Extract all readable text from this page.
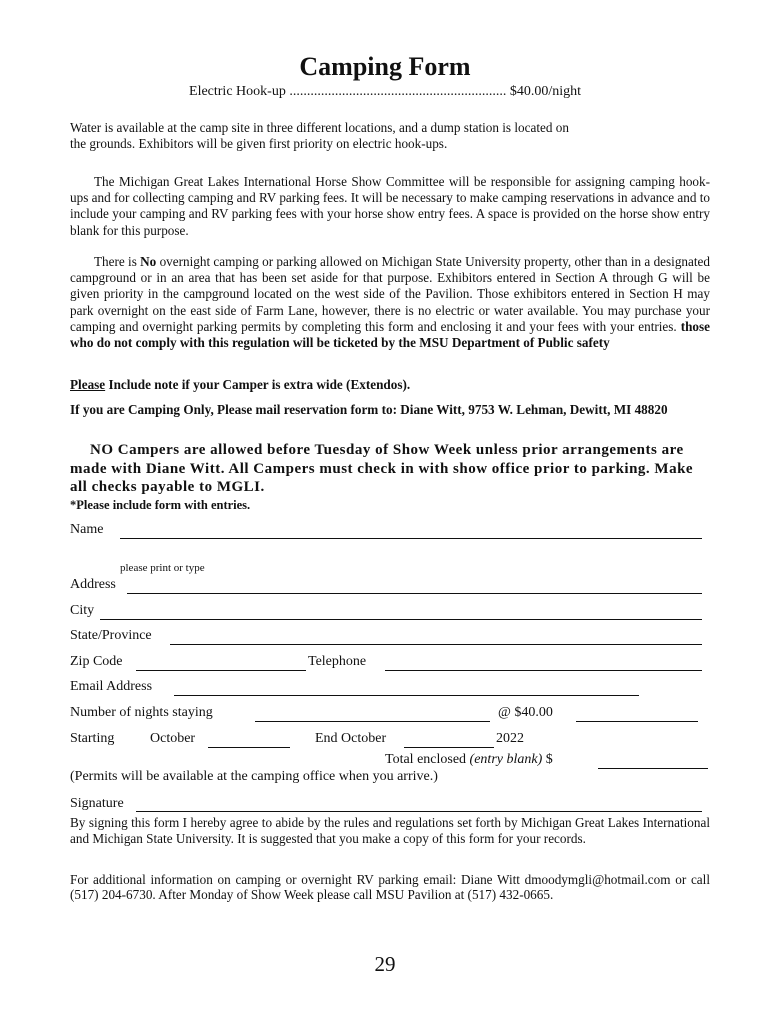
Camping Form
Electric Hook-up .............................................................. $40.00/night
Water is available at the camp site in three different locations, and a dump station is located on the grounds. Exhibitors will be given first priority on electric hook-ups.
The Michigan Great Lakes International Horse Show Committee will be responsible for assigning camping hook-ups and for collecting camping and RV parking fees. It will be necessary to make camping reservations in advance and to include your camping and RV parking fees with your horse show entry fees. A space is provided on the horse show entry blank for this purpose.
There is No overnight camping or parking allowed on Michigan State University property, other than in a designated campground or in an area that has been set aside for that purpose. Exhibitors entered in Section A through G will be given priority in the campground located on the west side of the Pavilion. Those exhibitors entered in Section H may park overnight on the east side of Farm Lane, however, there is no electric or water available. You may purchase your camping and overnight parking permits by completing this form and enclosing it and your fees with your entries. those who do not comply with this regulation will be ticketed by the MSU Department of Public safety
Please Include note if your Camper is extra wide (Extendos).
If you are Camping Only, Please mail reservation form to: Diane Witt, 9753 W. Lehman, Dewitt, MI 48820
NO Campers are allowed before Tuesday of Show Week unless prior arrangements are made with Diane Witt. All Campers must check in with show office prior to parking. Make all checks payable to MGLI.
*Please include form with entries.
Name
please print or type
Address
City
State/Province
Zip Code	Telephone
Email Address
Number of nights staying	@ $40.00
Starting	October	End October	2022
Total enclosed (entry blank) $
(Permits will be available at the camping office when you arrive.)
Signature
By signing this form I hereby agree to abide by the rules and regulations set forth by Michigan Great Lakes International and Michigan State University. It is suggested that you make a copy of this form for your records.
For additional information on camping or overnight RV parking email: Diane Witt dmoodymgli@hotmail.com or call (517) 204-6730. After Monday of Show Week please call MSU Pavilion at (517) 432-0665.
29
